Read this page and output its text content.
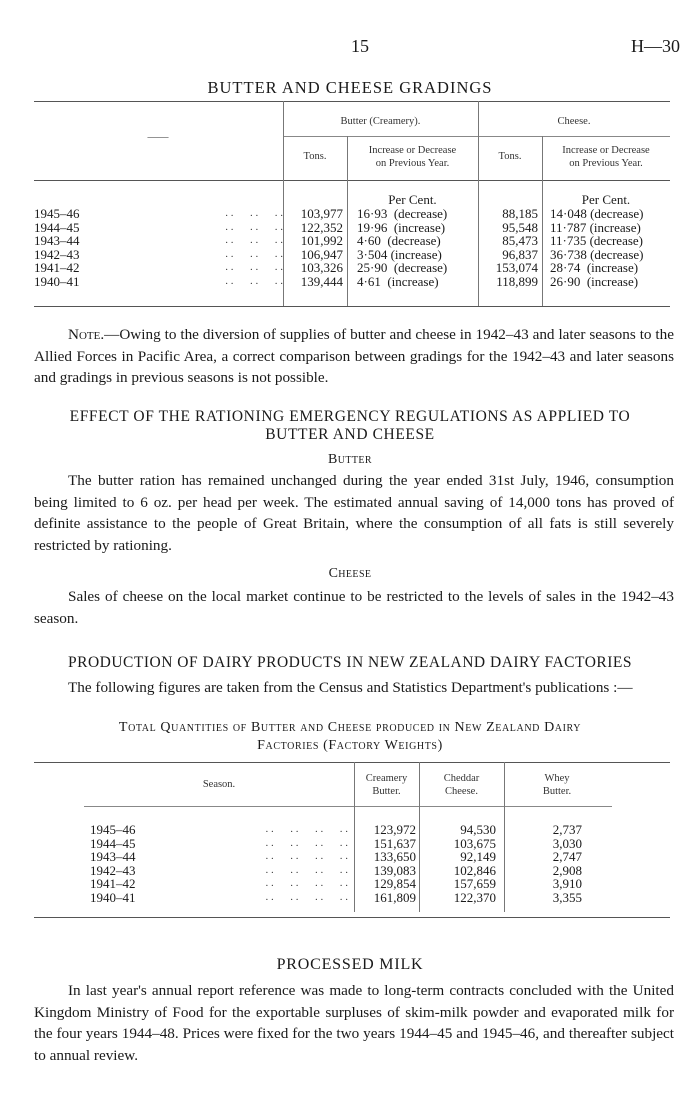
15	H—30
BUTTER AND CHEESE GRADINGS
——
Butter (Creamery).	Cheese.
Tons.
Increase or Decrease
on Previous Year.
Tons.
Increase or Decrease
on Previous Year.
Per Cent.	Per Cent.
1945–46	. .      . .      . .	103,977	16·93  (decrease)	88,185	14·048 (decrease)
1944–45	. .      . .      . .	122,352	19·96  (increase)	95,548	11·787 (increase)
1943–44	. .      . .      . .	101,992	4·60  (decrease)	85,473	11·735 (decrease)
1942–43	. .      . .      . .	106,947	3·504 (increase)	96,837	36·738 (decrease)
1941–42	. .      . .      . .	103,326	25·90  (decrease)	153,074	28·74  (increase)
1940–41	. .      . .      . .	139,444	4·61  (increase)	118,899	26·90  (increase)
Note.—Owing to the diversion of supplies of butter and cheese in 1942–43 and later seasons to the Allied Forces in Pacific Area, a correct comparison between gradings for the 1942–43 and later seasons and gradings in previous seasons is not possible.
EFFECT OF THE RATIONING EMERGENCY REGULATIONS AS APPLIED TO
BUTTER AND CHEESE
Butter
The butter ration has remained unchanged during the year ended 31st July, 1946, consumption being limited to 6 oz. per head per week. The estimated annual saving of 14,000 tons has proved of definite assistance to the people of Great Britain, where the consumption of all fats is still severely restricted by rationing.
Cheese
Sales of cheese on the local market continue to be restricted to the levels of sales in the 1942–43 season.
PRODUCTION OF DAIRY PRODUCTS IN NEW ZEALAND DAIRY FACTORIES
The following figures are taken from the Census and Statistics Department's publications :—
Total Quantities of Butter and Cheese produced in New Zealand Dairy
Factories (Factory Weights)
Season.
Creamery
Butter.
Cheddar
Cheese.
Whey
Butter.
1945–46	. .      . .      . .      . .	123,972	94,530	2,737
1944–45	. .      . .      . .      . .	151,637	103,675	3,030
1943–44	. .      . .      . .      . .	133,650	92,149	2,747
1942–43	. .      . .      . .      . .	139,083	102,846	2,908
1941–42	. .      . .      . .      . .	129,854	157,659	3,910
1940–41	. .      . .      . .      . .	161,809	122,370	3,355
PROCESSED MILK
In last year's annual report reference was made to long-term contracts concluded with the United Kingdom Ministry of Food for the exportable surpluses of skim-milk powder and evaporated milk for the four years 1944–48. Prices were fixed for the two years 1944–45 and 1945–46, and thereafter subject to annual review.
